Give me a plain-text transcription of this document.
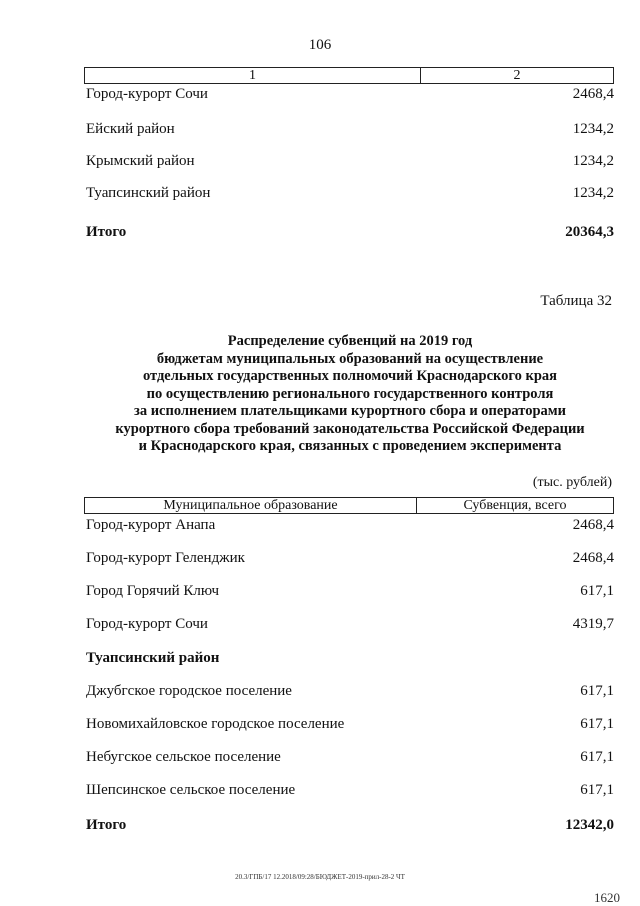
106
1	2
Город-курорт Сочи	2468,4
Ейский район	1234,2
Крымский район	1234,2
Туапсинский район	1234,2
Итого	20364,3
Таблица 32
Распределение субвенций на 2019 год
бюджетам муниципальных образований на осуществление
отдельных государственных полномочий Краснодарского края
по осуществлению регионального государственного контроля
за исполнением плательщиками курортного сбора и операторами
курортного сбора требований законодательства Российской Федерации
и Краснодарского края, связанных с проведением эксперимента
(тыс. рублей)
Муниципальное образование	Субвенция, всего
Город-курорт Анапа	2468,4
Город-курорт Геленджик	2468,4
Город Горячий Ключ	617,1
Город-курорт Сочи	4319,7
Туапсинский район
Джубгское городское поселение	617,1
Новомихайловское городское поселение	617,1
Небугское сельское поселение	617,1
Шепсинское сельское поселение	617,1
Итого	12342,0
20.3/ГПБ/17 12.2018/09:28/БЮДЖЕТ-2019-прил-28-2 ЧТ
1620
